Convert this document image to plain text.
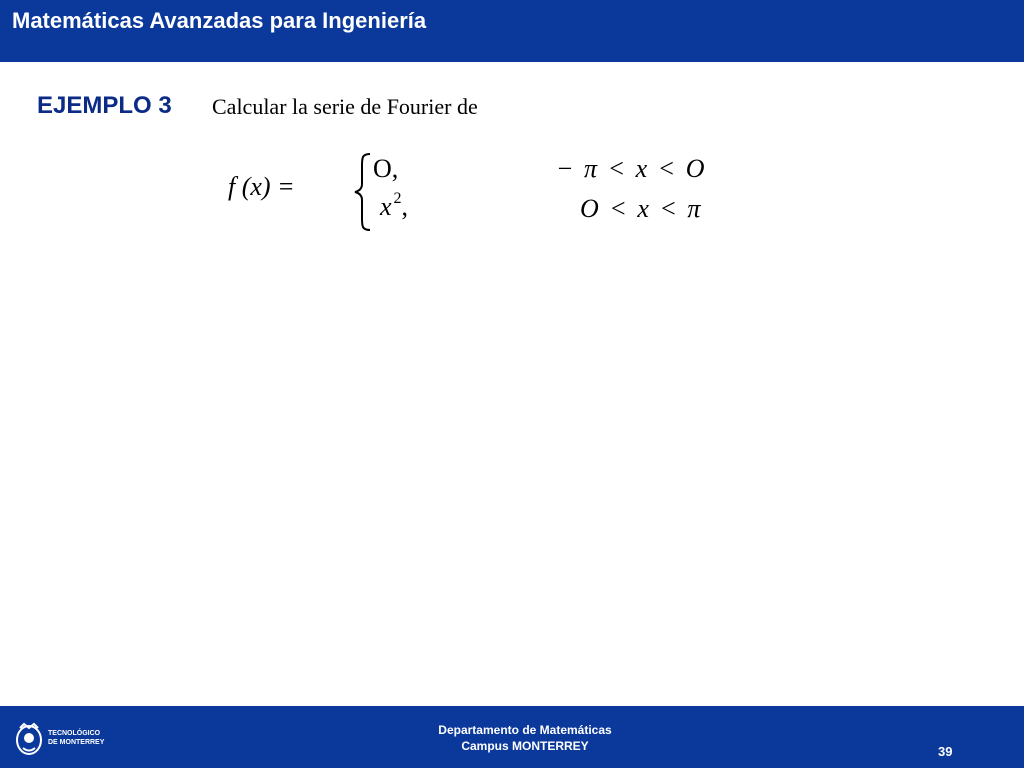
Matemáticas Avanzadas para Ingeniería
EJEMPLO 3 Calcular la serie de Fourier de
f (x) =
O,
x $^2$,
− π < x < O
O < x < π
TECNOLÓGICO
DE MONTERREY
Departamento de Matemáticas
Campus MONTERREY	39
